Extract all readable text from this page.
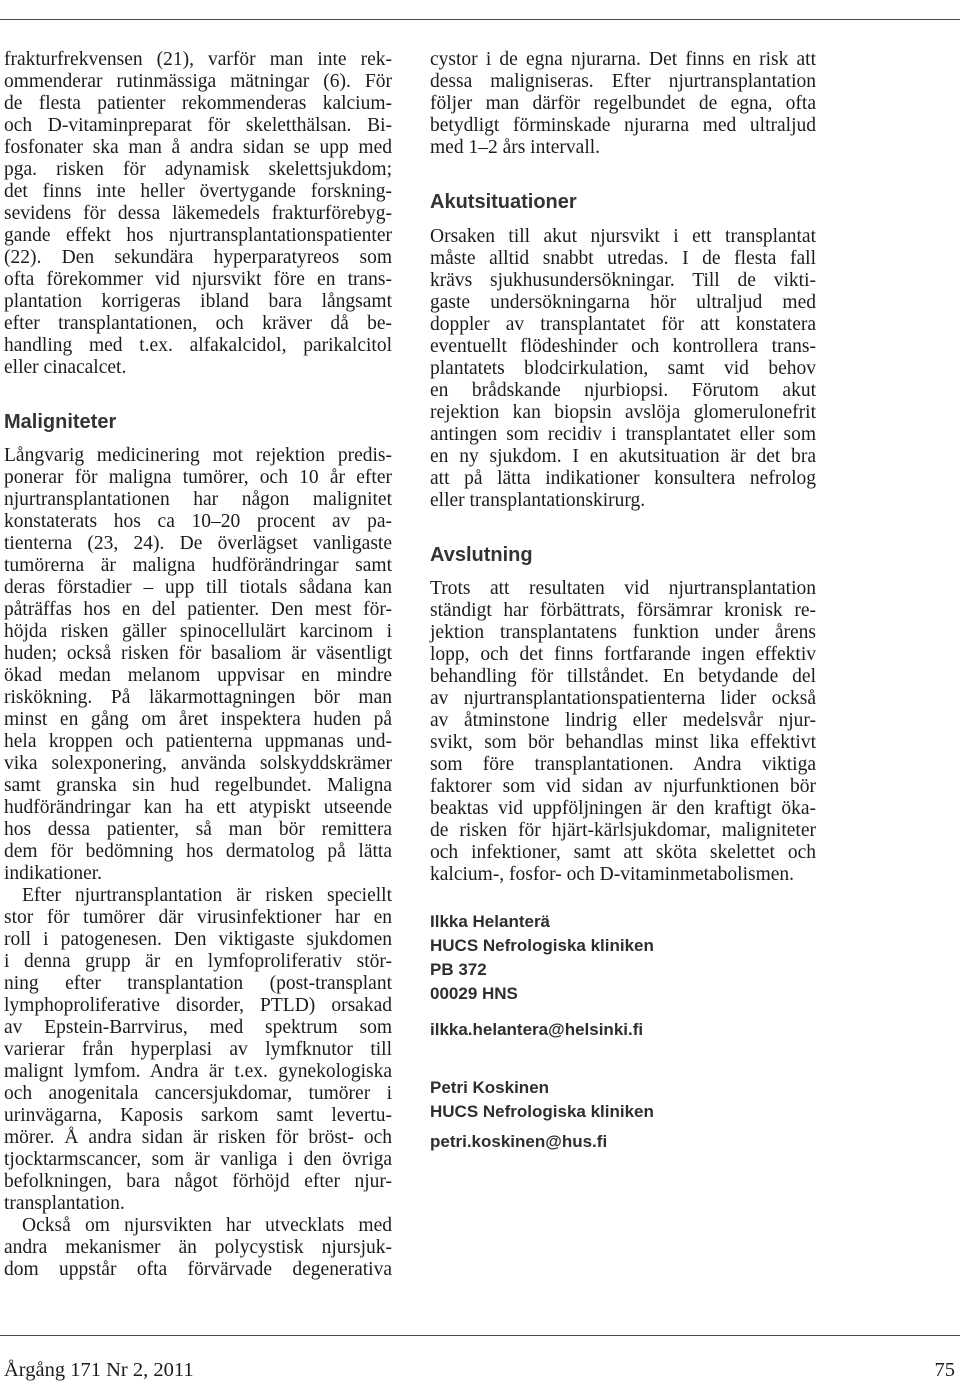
frakturfrekvensen (21), varför man inte rek-
ommenderar rutinmässiga mätningar (6). För
de flesta patienter rekommenderas kalcium-
och D-vitaminpreparat för skeletthälsan. Bi-
fosfonater ska man å andra sidan se upp med
pga. risken för adynamisk skelettsjukdom;
det finns inte heller övertygande forskning-
sevidens för dessa läkemedels frakturförebyg-
gande effekt hos njurtransplantationspatienter
(22). Den sekundära hyperparatyreos som
ofta förekommer vid njursvikt före en trans-
plantation korrigeras ibland bara långsamt
efter transplantationen, och kräver då be-
handling med t.ex. alfakalcidol, parikalcitol
eller cinacalcet.
Maligniteter
Långvarig medicinering mot rejektion predis-
ponerar för maligna tumörer, och 10 år efter
njurtransplantationen har någon malignitet
konstaterats hos ca 10–20 procent av pa-
tienterna (23, 24). De överlägset vanligaste
tumörerna är maligna hudförändringar samt
deras förstadier – upp till tiotals sådana kan
påträffas hos en del patienter. Den mest för-
höjda risken gäller spinocellulärt karcinom i
huden; också risken för basaliom är väsentligt
ökad medan melanom uppvisar en mindre
riskökning. På läkarmottagningen bör man
minst en gång om året inspektera huden på
hela kroppen och patienterna uppmanas und-
vika solexponering, använda solskyddskrämer
samt granska sin hud regelbundet. Maligna
hudförändringar kan ha ett atypiskt utseende
hos dessa patienter, så man bör remittera
dem för bedömning hos dermatolog på lätta
indikationer.
Efter njurtransplantation är risken speciellt
stor för tumörer där virusinfektioner har en
roll i patogenesen. Den viktigaste sjukdomen
i denna grupp är en lymfoproliferativ stör-
ning efter transplantation (post-transplant
lymphoproliferative disorder, PTLD) orsakad
av Epstein-Barrvirus, med spektrum som
varierar från hyperplasi av lymfknutor till
malignt lymfom. Andra är t.ex. gynekologiska
och anogenitala cancersjukdomar, tumörer i
urinvägarna, Kaposis sarkom samt levertu-
mörer. Å andra sidan är risken för bröst- och
tjocktarmscancer, som är vanliga i den övriga
befolkningen, bara något förhöjd efter njur-
transplantation.
Också om njursvikten har utvecklats med
andra mekanismer än polycystisk njursjuk-
dom uppstår ofta förvärvade degenerativa
cystor i de egna njurarna. Det finns en risk att
dessa maligniseras. Efter njurtransplantation
följer man därför regelbundet de egna, ofta
betydligt förminskade njurarna med ultraljud
med 1–2 års intervall.
Akutsituationer
Orsaken till akut njursvikt i ett transplantat
måste alltid snabbt utredas. I de flesta fall
krävs sjukhusundersökningar. Till de vikti-
gaste undersökningarna hör ultraljud med
doppler av transplantatet för att konstatera
eventuellt flödeshinder och kontrollera trans-
plantatets blodcirkulation, samt vid behov
en brådskande njurbiopsi. Förutom akut
rejektion kan biopsin avslöja glomerulonefrit
antingen som recidiv i transplantatet eller som
en ny sjukdom. I en akutsituation är det bra
att på lätta indikationer konsultera nefrolog
eller transplantationskirurg.
Avslutning
Trots att resultaten vid njurtransplantation
ständigt har förbättrats, försämrar kronisk re-
jektion transplantatens funktion under årens
lopp, och det finns fortfarande ingen effektiv
behandling för tillståndet. En betydande del
av njurtransplantationspatienterna lider också
av åtminstone lindrig eller medelsvår njur-
svikt, som bör behandlas minst lika effektivt
som före transplantationen. Andra viktiga
faktorer som vid sidan av njurfunktionen bör
beaktas vid uppföljningen är den kraftigt öka-
de risken för hjärt-kärlsjukdomar, maligniteter
och infektioner, samt att sköta skelettet och
kalcium-, fosfor- och D-vitaminmetabolismen.
Ilkka Helanterä
HUCS Nefrologiska kliniken
PB 372
00029 HNS
ilkka.helantera@helsinki.fi
Petri Koskinen
HUCS Nefrologiska kliniken
petri.koskinen@hus.fi
Årgång 171 Nr 2, 2011	75
